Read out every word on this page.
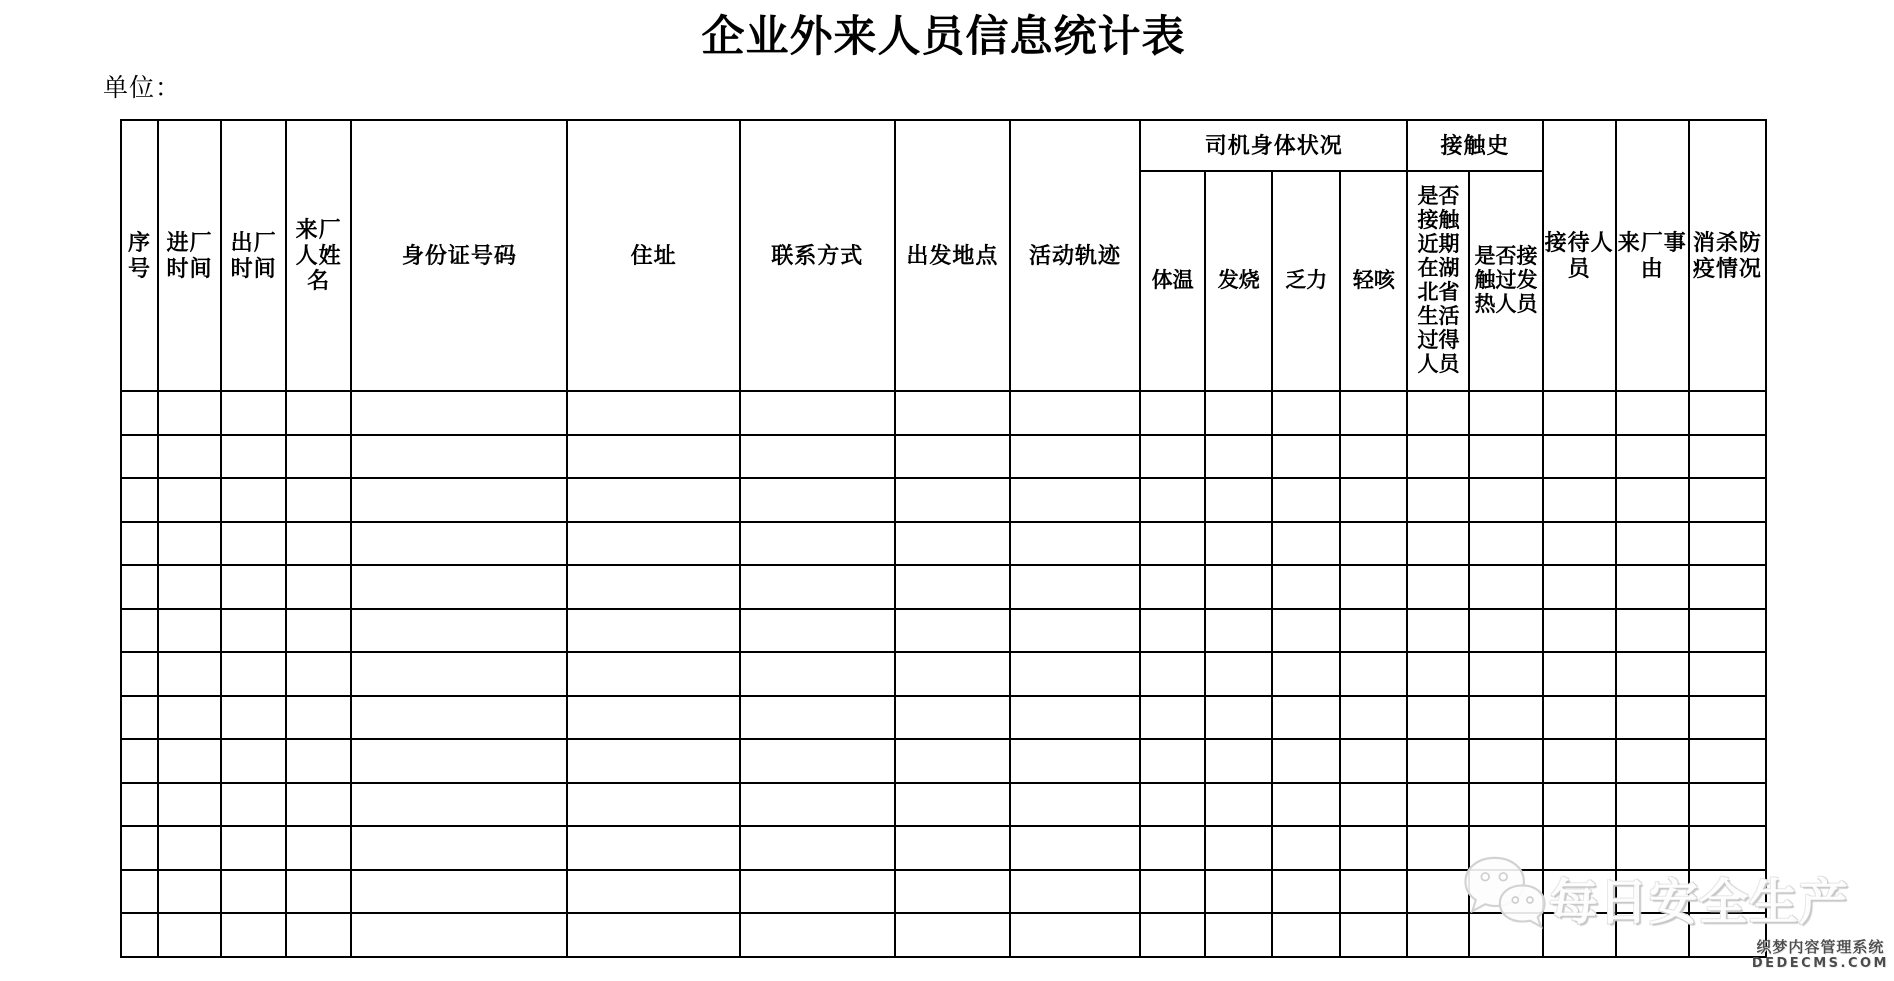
企业外来人员信息统计表
单位：
序号	进厂时间	出厂时间	来厂人姓名	身份证号码	住址	联系方式	出发地点	活动轨迹	司机身体状况				接触史		接待人员	来厂事由	消杀防疫情况
									体温	发烧	乏力	轻咳	是否接触近期在湖北省生活过得人员	是否接触过发热人员			

每日安全生产
织梦内容管理系统
DEDECMS.COM
